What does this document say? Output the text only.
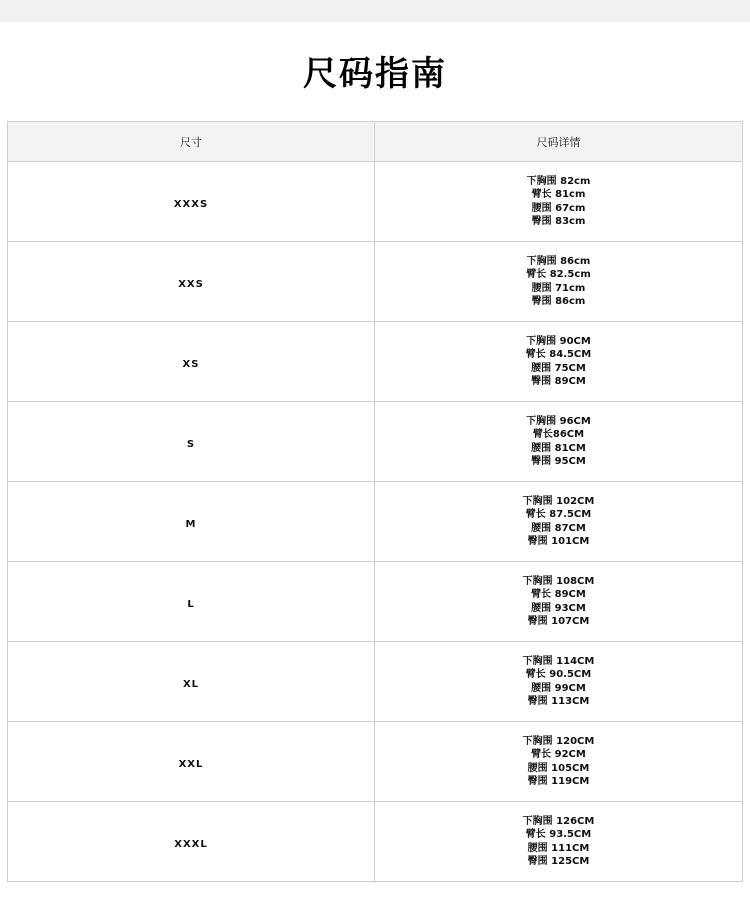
尺码指南
尺寸	尺码详情
XXXS	下胸围 82cm
臂长 81cm
腰围 67cm
臀围 83cm

XXS	下胸围 86cm
臂长 82.5cm
腰围 71cm
臀围 86cm

XS	下胸围 90CM
臂长 84.5CM
腰围 75CM
臀围 89CM

S	下胸围 96CM
臂长86CM
腰围 81CM
臀围 95CM

M	下胸围 102CM
臂长 87.5CM
腰围 87CM
臀围 101CM

L	下胸围 108CM
臂长 89CM
腰围 93CM
臀围 107CM

XL	下胸围 114CM
臂长 90.5CM
腰围 99CM
臀围 113CM

XXL	下胸围 120CM
臂长 92CM
腰围 105CM
臀围 119CM

XXXL	下胸围 126CM
臂长 93.5CM
腰围 111CM
臀围 125CM
